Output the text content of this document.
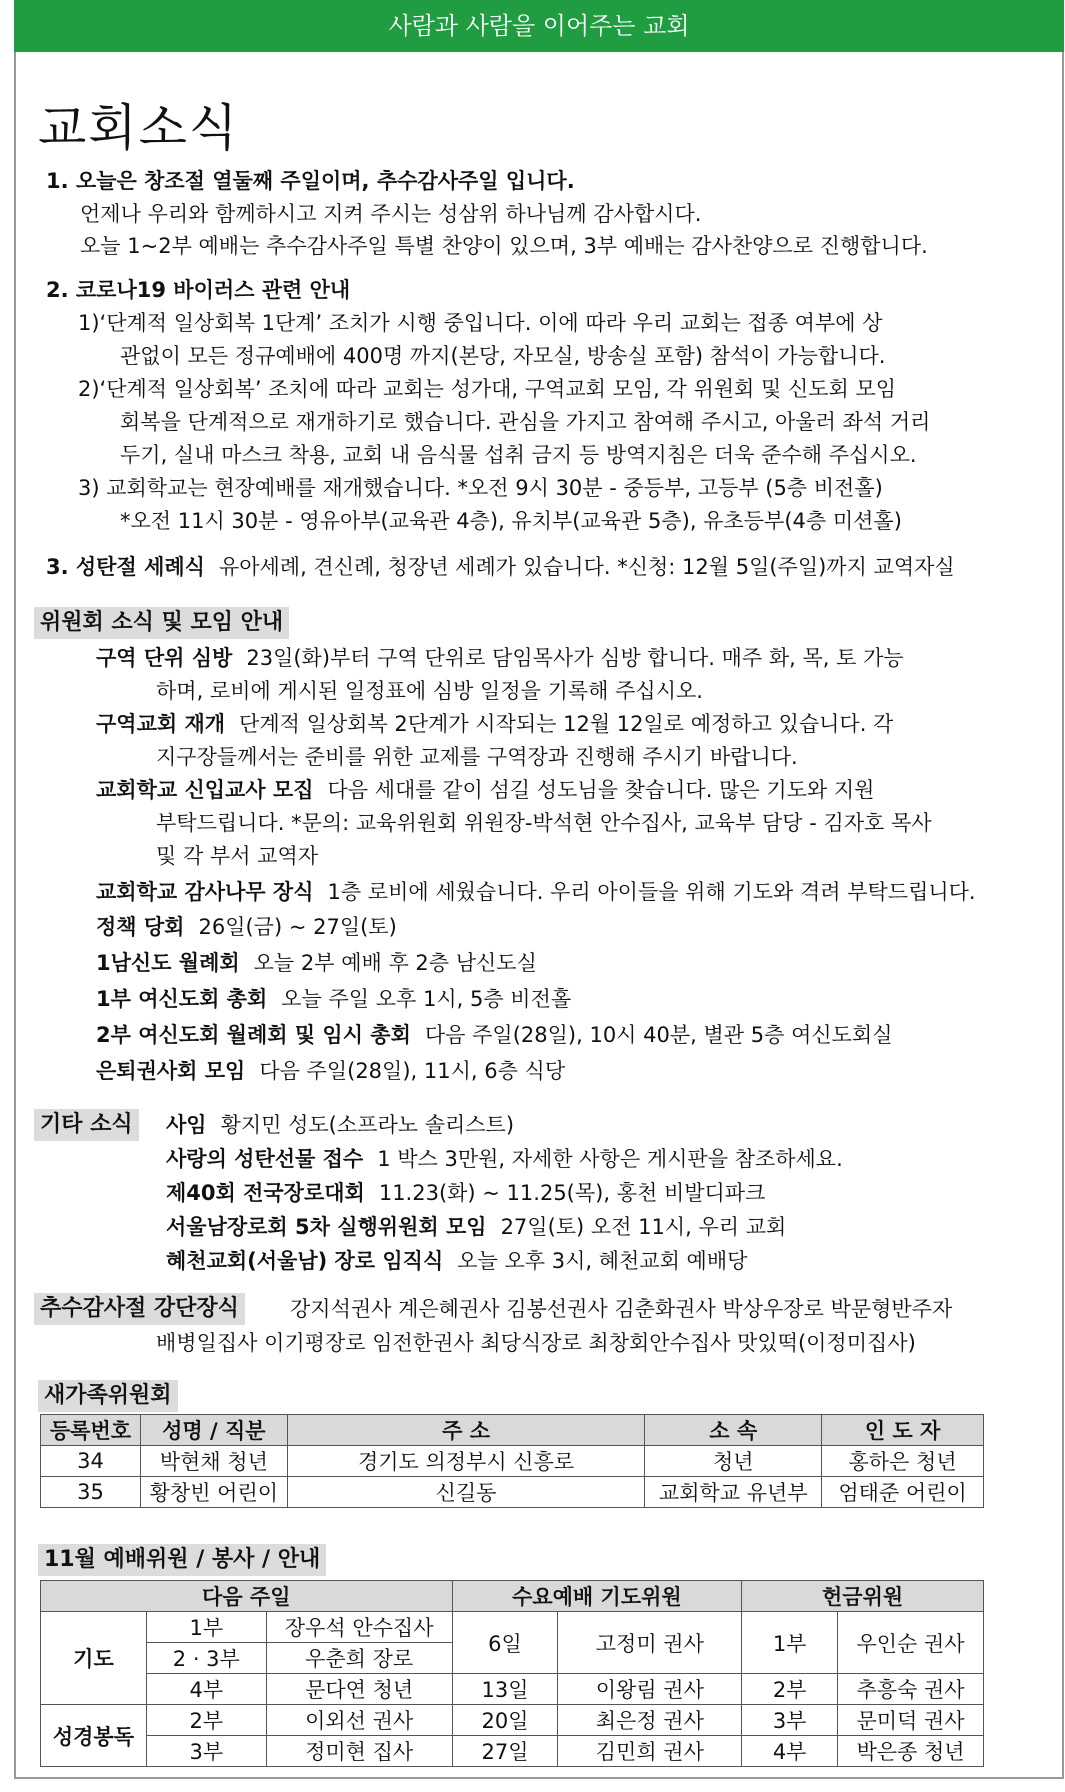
사람과 사람을 이어주는 교회
교회소식
1. 오늘은 창조절 열둘째 주일이며, 추수감사주일 입니다.
언제나 우리와 함께하시고 지켜 주시는 성삼위 하나님께 감사합시다.
오늘 1~2부 예배는 추수감사주일 특별 찬양이 있으며, 3부 예배는 감사찬양으로 진행합니다.
2. 코로나19 바이러스 관련 안내
1)‘단계적 일상회복 1단계’ 조치가 시행 중입니다. 이에 따라 우리 교회는 접종 여부에 상
관없이 모든 정규예배에 400명 까지(본당, 자모실, 방송실 포함) 참석이 가능합니다.
2)‘단계적 일상회복’ 조치에 따라 교회는 성가대, 구역교회 모임, 각 위원회 및 신도회 모임
회복을 단계적으로 재개하기로 했습니다. 관심을 가지고 참여해 주시고, 아울러 좌석 거리
두기, 실내 마스크 착용, 교회 내 음식물 섭취 금지 등 방역지침은 더욱 준수해 주십시오.
3) 교회학교는 현장예배를 재개했습니다. *오전 9시 30분 - 중등부, 고등부 (5층 비전홀)
*오전 11시 30분 - 영유아부(교육관 4층), 유치부(교육관 5층), 유초등부(4층 미션홀)
3. 성탄절 세례식 유아세례, 견신례, 청장년 세례가 있습니다. *신청: 12월 5일(주일)까지 교역자실
위원회 소식 및 모임 안내
구역 단위 심방 23일(화)부터 구역 단위로 담임목사가 심방 합니다. 매주 화, 목, 토 가능
하며, 로비에 게시된 일정표에 심방 일정을 기록해 주십시오.
구역교회 재개 단계적 일상회복 2단계가 시작되는 12월 12일로 예정하고 있습니다. 각
지구장들께서는 준비를 위한 교제를 구역장과 진행해 주시기 바랍니다.
교회학교 신입교사 모집 다음 세대를 같이 섬길 성도님을 찾습니다. 많은 기도와 지원
부탁드립니다. *문의: 교육위원회 위원장-박석현 안수집사, 교육부 담당 - 김자호 목사
및 각 부서 교역자
교회학교 감사나무 장식 1층 로비에 세웠습니다. 우리 아이들을 위해 기도와 격려 부탁드립니다.
정책 당회 26일(금) ~ 27일(토)
1남신도 월례회 오늘 2부 예배 후 2층 남신도실
1부 여신도회 총회 오늘 주일 오후 1시, 5층 비전홀
2부 여신도회 월례회 및 임시 총회 다음 주일(28일), 10시 40분, 별관 5층 여신도회실
은퇴권사회 모임 다음 주일(28일), 11시, 6층 식당
기타 소식 사임 황지민 성도(소프라노 솔리스트)
사랑의 성탄선물 접수 1 박스 3만원, 자세한 사항은 게시판을 참조하세요.
제40회 전국장로대회 11.23(화) ~ 11.25(목), 홍천 비발디파크
서울남장로회 5차 실행위원회 모임 27일(토) 오전 11시, 우리 교회
혜천교회(서울남) 장로 임직식 오늘 오후 3시, 혜천교회 예배당
추수감사절 강단장식 강지석권사 계은혜권사 김봉선권사 김춘화권사 박상우장로 박문형반주자
배병일집사 이기평장로 임전한권사 최당식장로 최창회안수집사 맛있떡(이정미집사)
새가족위원회
등록번호	성명 / 직분	주 소	소 속	인 도 자
34	박현채 청년	경기도 의정부시 신흥로	청년	홍하은 청년
35	황창빈 어린이	신길동	교회학교 유년부	엄태준 어린이
11월 예배위원 / 봉사 / 안내
다음 주일			수요예배 기도위원		헌금위원	
기도	1부	장우석 안수집사	6일	고정미 권사	1부	우인순 권사
	2 · 3부	우춘희 장로				
	4부	문다연 청년	13일	이왕림 권사	2부	추흥숙 권사
성경봉독	2부	이외선 권사	20일	최은정 권사	3부	문미덕 권사
	3부	정미현 집사	27일	김민희 권사	4부	박은종 청년
